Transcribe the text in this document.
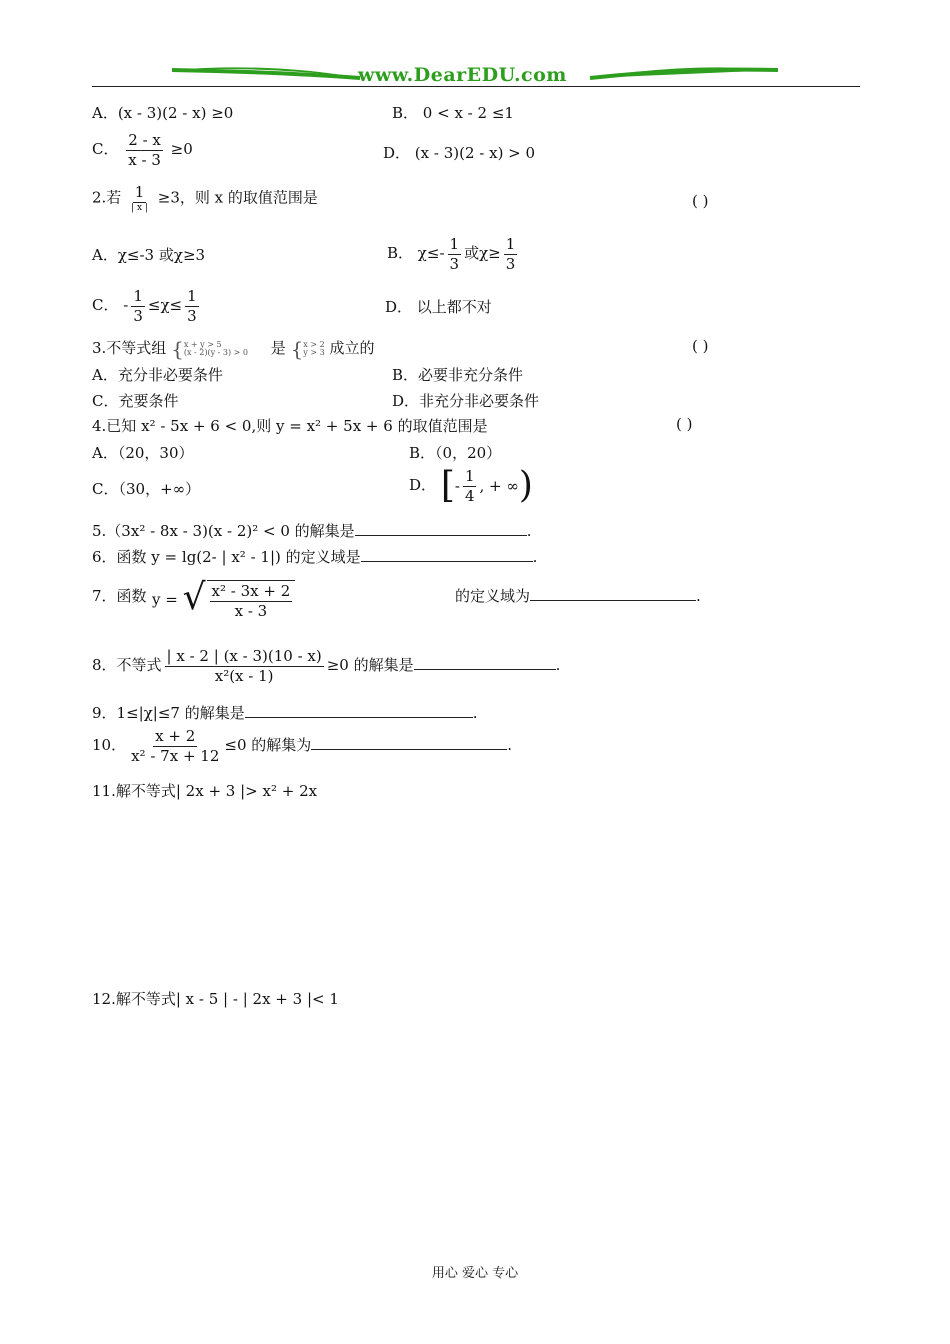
www.DearEDU.com
A．(x - 3)(2 - x) ≥0	B． 0 < x - 2 ≤1
C． $\frac{2 - x}{x - 3} \ge 0$	D． (x - 3)(2 - x) > 0
2.若 $\frac{1}{| x |} \ge 3$，则 x 的取值范围是	( )
A．χ≤-3 或χ≥3	B． $\chi\le- \frac{1}{3}$ 或$\chi\ge \frac{1}{3}$
C． - $\frac{1}{3} \le\chi\le \frac{1}{3}$	D． 以上都不对
3.不等式组 { x + y > 5
(x - 2)(y - 3) > 0 是 { x > 2
y > 3 成立的	( )
A．充分非必要条件	B．必要非充分条件
C．充要条件	D．非充分非必要条件
4.已知 x² - 5x + 6 < 0,则 y = x² + 5x + 6 的取值范围是	( )
A．（20，30）	B．（0，20）
C．（30，+∞）	D． [ - $\frac{1}{4}$ , + ∞ )
5.（3x² - 8x - 3)(x - 2)² < 0 的解集是	.
6．函数 y = lg(2- | x² - 1|) 的定义域是	.
7．函数 y = √ $\frac{\text{x² - 3x + 2}}{x - 3}$	的定义域为	.
8．不等式 $\frac{| x - 2 | (x - 3)(10 - x)}{\text{x²(x - 1)}} \ge 0$ 的解集是	.
9．1≤|χ|≤7 的解集是	.
10． $\frac{x + 2}{\text{x² - 7x + 12}} \le 0$ 的解集为	.
11.解不等式| 2x + 3 |> x² + 2x
12.解不等式| x - 5 | - | 2x + 3 |< 1
用心 爱心 专心
